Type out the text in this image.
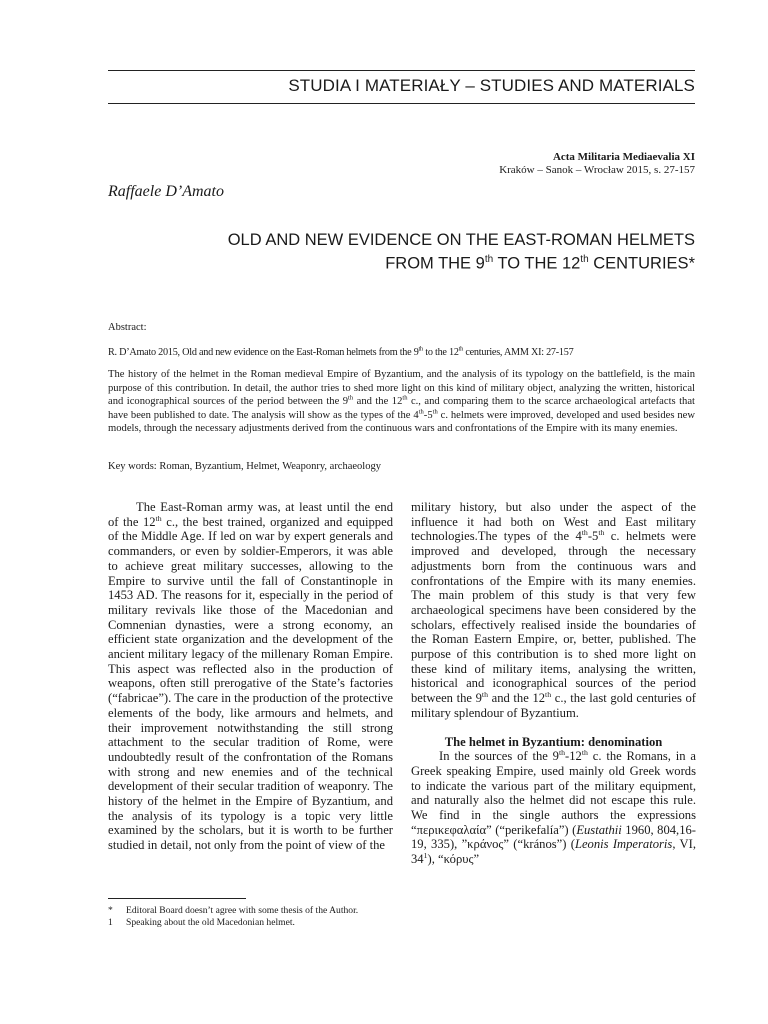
STUDIA I MATERIAŁY – STUDIES AND MATERIALS
Acta Militaria Mediaevalia XI
Kraków – Sanok – Wrocław 2015, s. 27-157
Raffaele D’Amato
OLD AND NEW EVIDENCE ON THE EAST-ROMAN HELMETS
FROM THE 9th TO THE 12th CENTURIES*
Abstract:
R. D’Amato 2015, Old and new evidence on the East-Roman helmets from the 9th to the 12th centuries, AMM XI: 27-157
The history of the helmet in the Roman medieval Empire of Byzantium, and the analysis of its typology on the battlefield, is the main purpose of this contribution. In detail, the author tries to shed more light on this kind of military object, analyzing the written, historical and iconographical sources of the period between the 9th and the 12th c., and comparing them to the scarce archaeological artefacts that have been published to date. The analysis will show as the types of the 4th-5th c. helmets were improved, developed and used besides new models, through the necessary adjustments derived from the continuous wars and confrontations of the Empire with its many enemies.
Key words: Roman, Byzantium, Helmet, Weaponry, archaeology

The East-Roman army was, at least until the end of the 12th c., the best trained, organized and equipped of the Middle Age. If led on war by expert generals and commanders, or even by soldier-Emperors, it was able to achieve great military successes, allowing to the Empire to survive until the fall of Constantinople in 1453 AD. The reasons for it, especially in the period of military revivals like those of the Macedonian and Comnenian dynasties, were a strong economy, an efficient state organization and the development of the ancient military legacy of the millenary Roman Empire. This aspect was reflected also in the production of weapons, often still prerogative of the State’s factories (“fabricae”). The care in the production of the protective elements of the body, like armours and helmets, and their improvement notwithstanding the still strong attachment to the secular tradition of Rome, were undoubtedly result of the confrontation of the Romans with strong and new enemies and of the technical development of their secular tradition of weaponry. The history of the helmet in the Empire of Byzantium, and the analysis of its typology is a topic very little examined by the scholars, but it is worth to be further studied in detail, not only from the point of view of the

military history, but also under the aspect of the influence it had both on West and East military technologies.The types of the 4th-5th c. helmets were improved and developed, through the necessary adjustments born from the continuous wars and confrontations of the Empire with its many enemies. The main problem of this study is that very few archaeological specimens have been considered by the scholars, effectively realised inside the boundaries of the Roman Eastern Empire, or, better, published. The purpose of this contribution is to shed more light on these kind of military items, analysing the written, historical and iconographical sources of the period between the 9th and the 12th c., the last gold centuries of military splendour of Byzantium.

The helmet in Byzantium: denomination

In the sources of the 9th-12th c. the Romans, in a Greek speaking Empire, used mainly old Greek words to indicate the various part of the military equipment, and naturally also the helmet did not escape this rule. We find in the single authors the expressions “περικεφαλαία” (“perikefalía”) (Eustathii 1960, 804,16-19, 335), ”κράνος” (“krános”) (Leonis Imperatoris, VI, $34^1$), “κόρυς”

* Editoral Board doesn’t agree with some thesis of the Author.
1 Speaking about the old Macedonian helmet.
